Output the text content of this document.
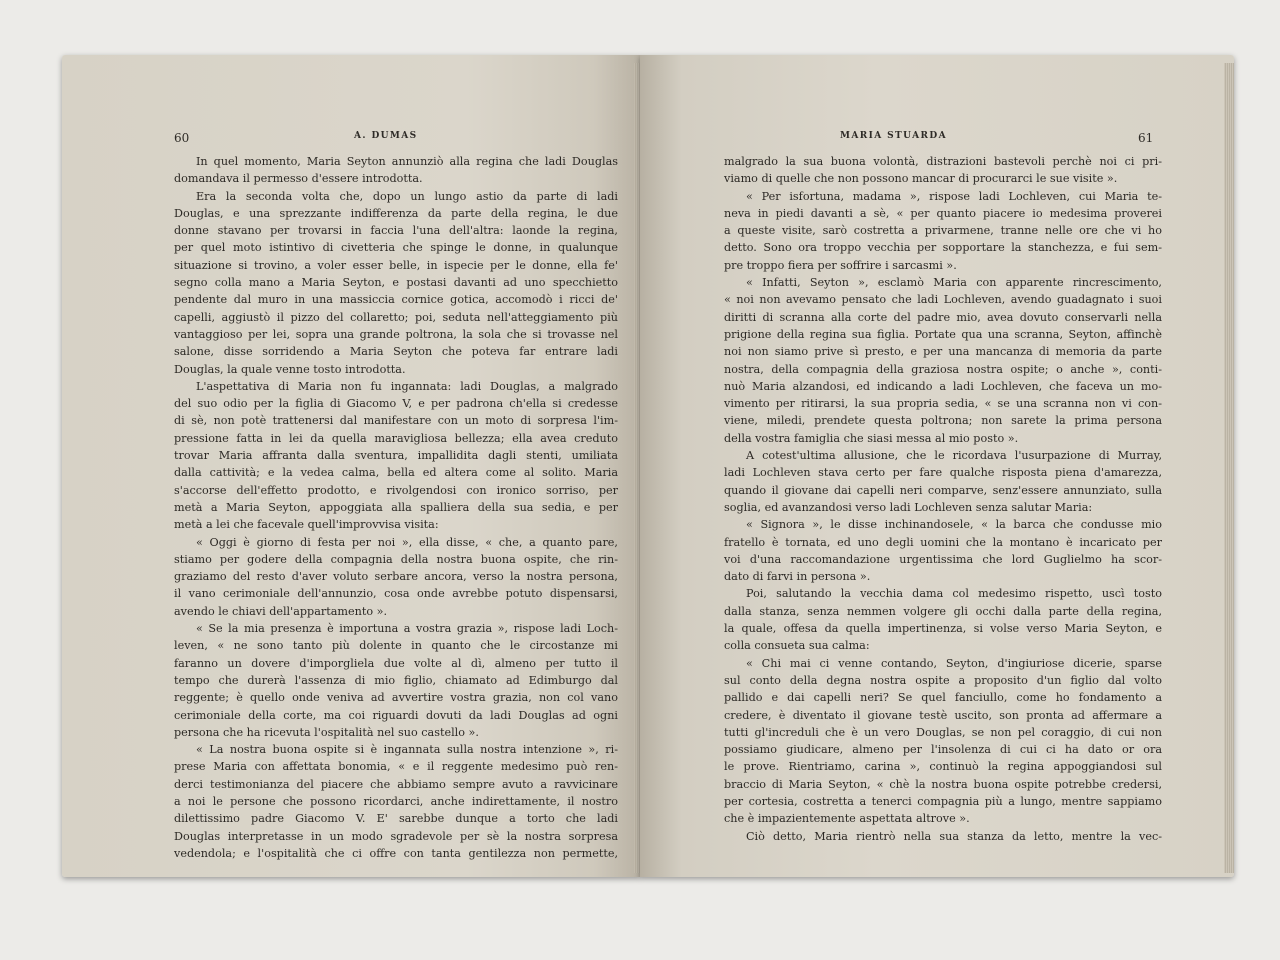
60	A. DUMAS
In quel momento, Maria Seyton annunziò alla regina che ladi Douglas
domandava il permesso d'essere introdotta.
Era la seconda volta che, dopo un lungo astio da parte di ladi
Douglas, e una sprezzante indifferenza da parte della regina, le due
donne stavano per trovarsi in faccia l'una dell'altra: laonde la regina,
per quel moto istintivo di civetteria che spinge le donne, in qualunque
situazione si trovino, a voler esser belle, in ispecie per le donne, ella fe'
segno colla mano a Maria Seyton, e postasi davanti ad uno specchietto
pendente dal muro in una massiccia cornice gotica, accomodò i ricci de'
capelli, aggiustò il pizzo del collaretto; poi, seduta nell'atteggiamento più
vantaggioso per lei, sopra una grande poltrona, la sola che si trovasse nel
salone, disse sorridendo a Maria Seyton che poteva far entrare ladi
Douglas, la quale venne tosto introdotta.
L'aspettativa di Maria non fu ingannata: ladi Douglas, a malgrado
del suo odio per la figlia di Giacomo V, e per padrona ch'ella si credesse
di sè, non potè trattenersi dal manifestare con un moto di sorpresa l'im-
pressione fatta in lei da quella maravigliosa bellezza; ella avea creduto
trovar Maria affranta dalla sventura, impallidita dagli stenti, umiliata
dalla cattività; e la vedea calma, bella ed altera come al solito. Maria
s'accorse dell'effetto prodotto, e rivolgendosi con ironico sorriso, per
metà a Maria Seyton, appoggiata alla spalliera della sua sedia, e per
metà a lei che facevale quell'improvvisa visita:
« Oggi è giorno di festa per noi », ella disse, « che, a quanto pare,
stiamo per godere della compagnia della nostra buona ospite, che rin-
graziamo del resto d'aver voluto serbare ancora, verso la nostra persona,
il vano cerimoniale dell'annunzio, cosa onde avrebbe potuto dispensarsi,
avendo le chiavi dell'appartamento ».
« Se la mia presenza è importuna a vostra grazia », rispose ladi Loch-
leven, « ne sono tanto più dolente in quanto che le circostanze mi
faranno un dovere d'imporgliela due volte al dì, almeno per tutto il
tempo che durerà l'assenza di mio figlio, chiamato ad Edimburgo dal
reggente; è quello onde veniva ad avvertire vostra grazia, non col vano
cerimoniale della corte, ma coi riguardi dovuti da ladi Douglas ad ogni
persona che ha ricevuta l'ospitalità nel suo castello ».
« La nostra buona ospite si è ingannata sulla nostra intenzione », ri-
prese Maria con affettata bonomia, « e il reggente medesimo può ren-
derci testimonianza del piacere che abbiamo sempre avuto a ravvicinare
a noi le persone che possono ricordarci, anche indirettamente, il nostro
dilettissimo padre Giacomo V. E' sarebbe dunque a torto che ladi
Douglas interpretasse in un modo sgradevole per sè la nostra sorpresa
vedendola; e l'ospitalità che ci offre con tanta gentilezza non permette,
MARIA STUARDA	61
malgrado la sua buona volontà, distrazioni bastevoli perchè noi ci pri-
viamo di quelle che non possono mancar di procurarci le sue visite ».
« Per isfortuna, madama », rispose ladi Lochleven, cui Maria te-
neva in piedi davanti a sè, « per quanto piacere io medesima proverei
a queste visite, sarò costretta a privarmene, tranne nelle ore che vi ho
detto. Sono ora troppo vecchia per sopportare la stanchezza, e fui sem-
pre troppo fiera per soffrire i sarcasmi ».
« Infatti, Seyton », esclamò Maria con apparente rincrescimento,
« noi non avevamo pensato che ladi Lochleven, avendo guadagnato i suoi
diritti di scranna alla corte del padre mio, avea dovuto conservarli nella
prigione della regina sua figlia. Portate qua una scranna, Seyton, affinchè
noi non siamo prive sì presto, e per una mancanza di memoria da parte
nostra, della compagnia della graziosa nostra ospite; o anche », conti-
nuò Maria alzandosi, ed indicando a ladi Lochleven, che faceva un mo-
vimento per ritirarsi, la sua propria sedia, « se una scranna non vi con-
viene, miledi, prendete questa poltrona; non sarete la prima persona
della vostra famiglia che siasi messa al mio posto ».
A cotest'ultima allusione, che le ricordava l'usurpazione di Murray,
ladi Lochleven stava certo per fare qualche risposta piena d'amarezza,
quando il giovane dai capelli neri comparve, senz'essere annunziato, sulla
soglia, ed avanzandosi verso ladi Lochleven senza salutar Maria:
« Signora », le disse inchinandosele, « la barca che condusse mio
fratello è tornata, ed uno degli uomini che la montano è incaricato per
voi d'una raccomandazione urgentissima che lord Guglielmo ha scor-
dato di farvi in persona ».
Poi, salutando la vecchia dama col medesimo rispetto, uscì tosto
dalla stanza, senza nemmen volgere gli occhi dalla parte della regina,
la quale, offesa da quella impertinenza, si volse verso Maria Seyton, e
colla consueta sua calma:
« Chi mai ci venne contando, Seyton, d'ingiuriose dicerie, sparse
sul conto della degna nostra ospite a proposito d'un figlio dal volto
pallido e dai capelli neri? Se quel fanciullo, come ho fondamento a
credere, è diventato il giovane testè uscito, son pronta ad affermare a
tutti gl'increduli che è un vero Douglas, se non pel coraggio, di cui non
possiamo giudicare, almeno per l'insolenza di cui ci ha dato or ora
le prove. Rientriamo, carina », continuò la regina appoggiandosi sul
braccio di Maria Seyton, « chè la nostra buona ospite potrebbe credersi,
per cortesia, costretta a tenerci compagnia più a lungo, mentre sappiamo
che è impazientemente aspettata altrove ».
Ciò detto, Maria rientrò nella sua stanza da letto, mentre la vec-
